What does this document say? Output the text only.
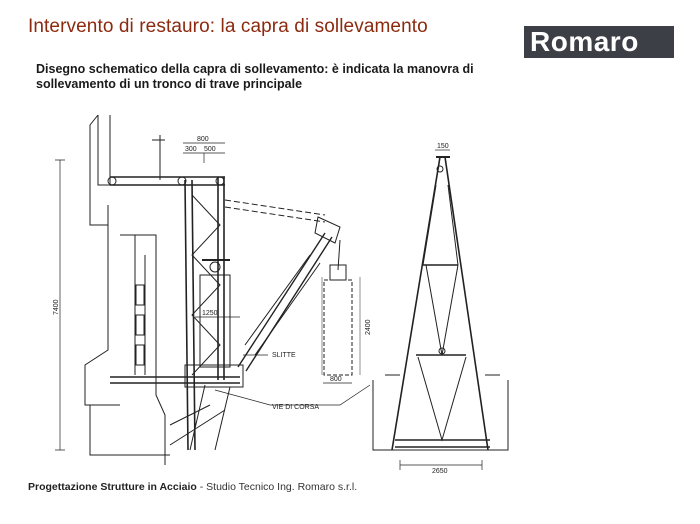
Intervento di restauro: la capra di sollevamento	Romaro
Disegno schematico della capra di sollevamento: è indicata la manovra di sollevamento di un tronco di trave principale
800
300 500
7400	1250
SLITTE
VIE DI CORSA
2400
800
150
2650
Progettazione Strutture in Acciaio - Studio Tecnico Ing. Romaro s.r.l.
